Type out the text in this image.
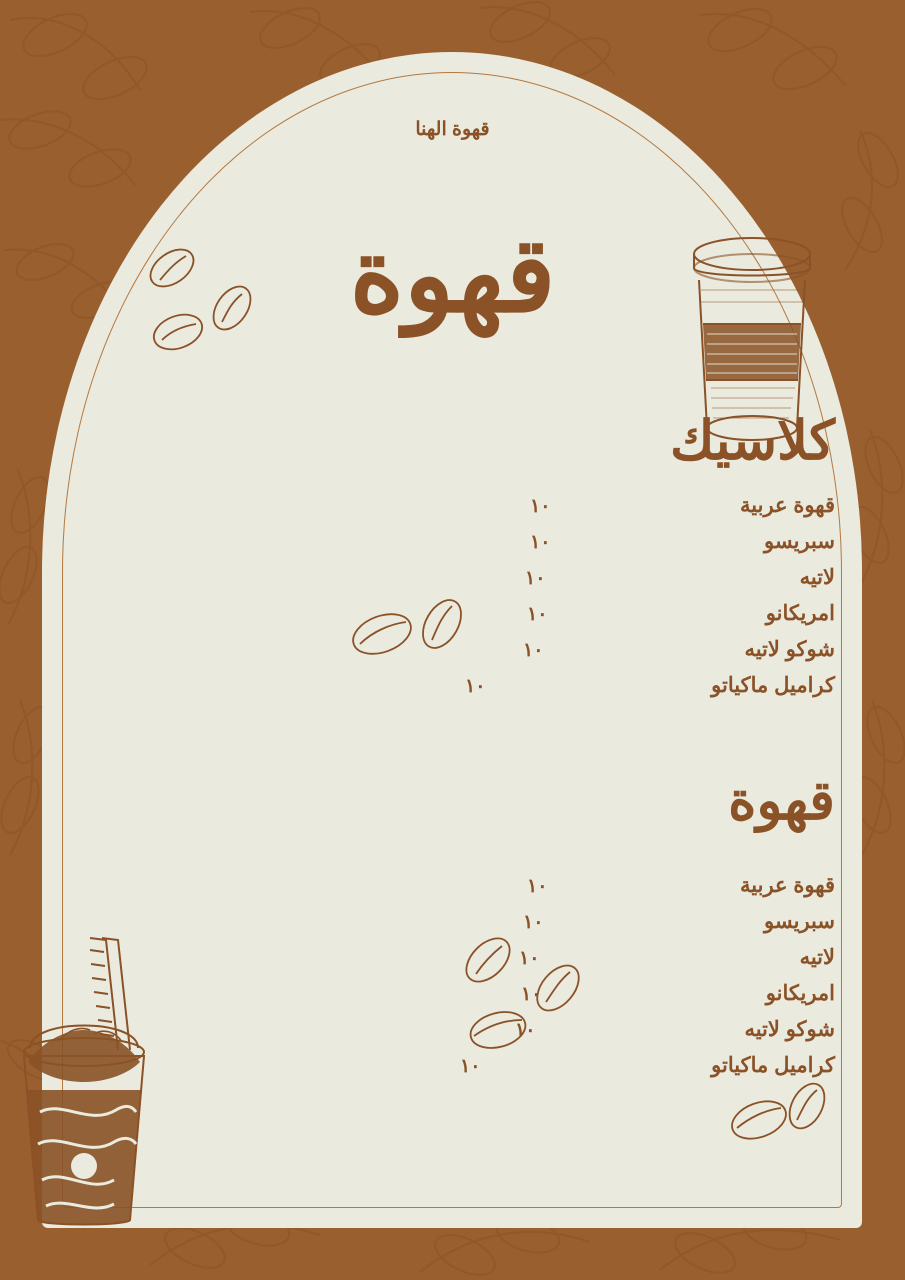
قهوة الهنا
قهوة
كلاسيك
قهوة عربية
١٠
سبريسو
١٠
لاتيه
١٠
امريكانو
١٠
شوكو لاتيه
١٠
كراميل ماكياتو
١٠
قهوة
قهوة عربية
١٠
سبريسو
١٠
لاتيه
١٠
امريكانو
١٠
شوكو لاتيه
١٠
كراميل ماكياتو
١٠
